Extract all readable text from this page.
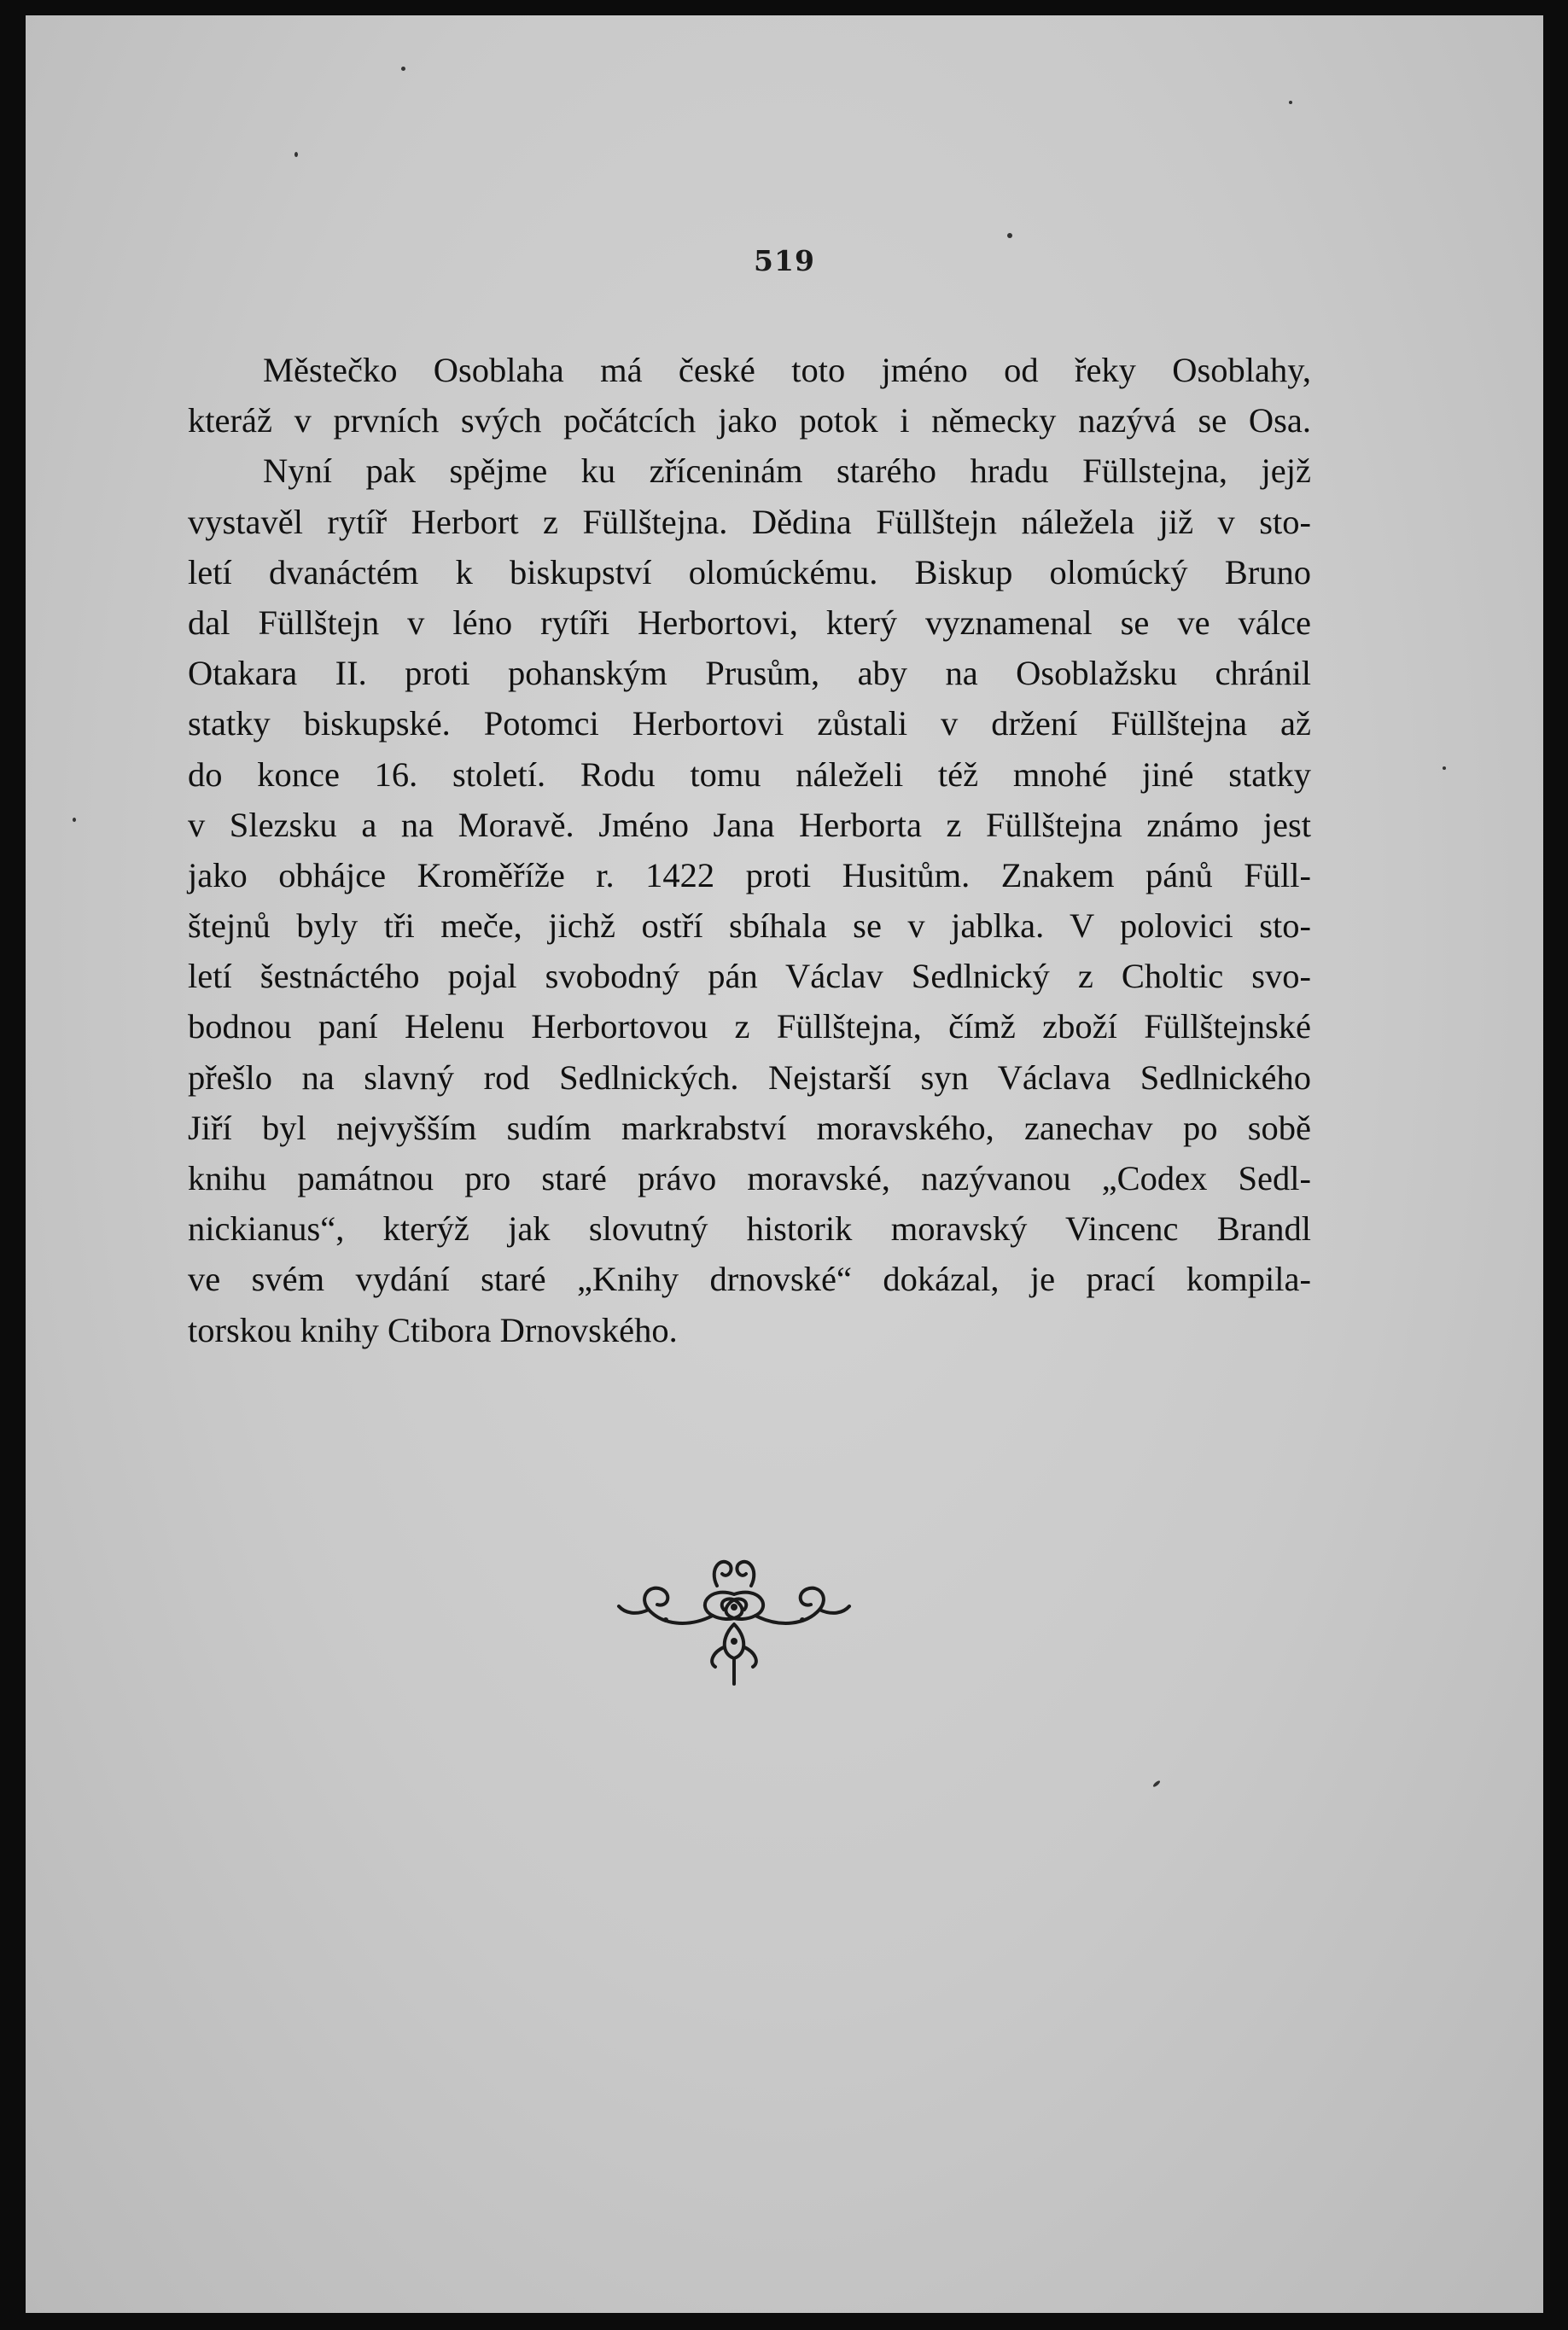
519
Městečko Osoblaha má české toto jméno od řeky Osoblahy,
kteráž v prvních svých počátcích jako potok i německy nazývá se Osa.
Nyní pak spějme ku zříceninám starého hradu Füllstejna, jejž
vystavěl rytíř Herbort z Füllštejna. Dědina Füllštejn náležela již v sto-
letí dvanáctém k biskupství olomúckému. Biskup olomúcký Bruno
dal Füllštejn v léno rytíři Herbortovi, který vyznamenal se ve válce
Otakara II. proti pohanským Prusům, aby na Osoblažsku chránil
statky biskupské. Potomci Herbortovi zůstali v držení Füllštejna až
do konce 16. století. Rodu tomu náleželi též mnohé jiné statky
v Slezsku a na Moravě. Jméno Jana Herborta z Füllštejna známo jest
jako obhájce Kroměříže r. 1422 proti Husitům. Znakem pánů Füll-
štejnů byly tři meče, jichž ostří sbíhala se v jablka. V polovici sto-
letí šestnáctého pojal svobodný pán Václav Sedlnický z Choltic svo-
bodnou paní Helenu Herbortovou z Füllštejna, čímž zboží Füllštejnské
přešlo na slavný rod Sedlnických. Nejstarší syn Václava Sedlnického
Jiří byl nejvyšším sudím markrabství moravského, zanechav po sobě
knihu památnou pro staré právo moravské, nazývanou „Codex Sedl-
nickianus“, kterýž jak slovutný historik moravský Vincenc Brandl
ve svém vydání staré „Knihy drnovské“ dokázal, je prací kompila-
torskou knihy Ctibora Drnovského.
